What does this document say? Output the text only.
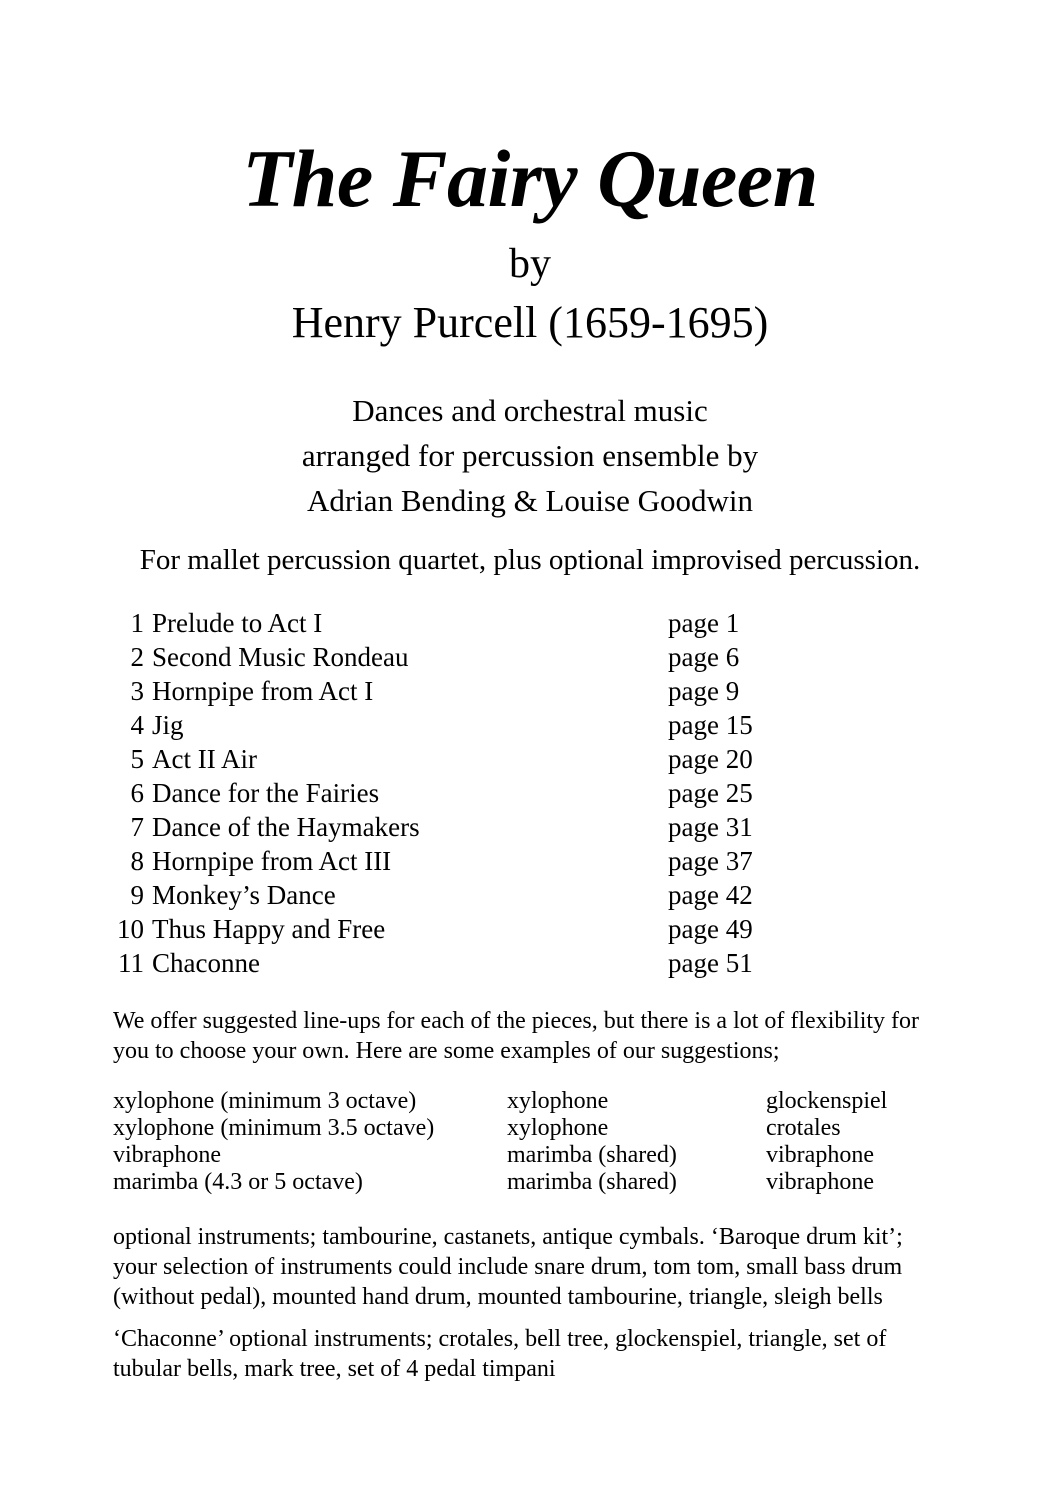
The Fairy Queen
by
Henry Purcell (1659-1695)
Dances and orchestral music
arranged for percussion ensemble by
Adrian Bending & Louise Goodwin
For mallet percussion quartet, plus optional improvised percussion.
1 Prelude to Act I	page 1
2 Second Music Rondeau	page 6
3 Hornpipe from Act I	page 9
4 Jig	page 15
5 Act II Air	page 20
6 Dance for the Fairies	page 25
7 Dance of the Haymakers	page 31
8 Hornpipe from Act III	page 37
9 Monkey’s Dance	page 42
10 Thus Happy and Free	page 49
11 Chaconne	page 51
We offer suggested line-ups for each of the pieces, but there is a lot of flexibility for you to choose your own. Here are some examples of our suggestions;
xylophone (minimum 3 octave)	xylophone	glockenspiel
xylophone (minimum 3.5 octave)	xylophone	crotales
vibraphone	marimba (shared)	vibraphone
marimba (4.3 or 5 octave)	marimba (shared)	vibraphone
optional instruments; tambourine, castanets, antique cymbals. ‘Baroque drum kit’; your selection of instruments could include snare drum, tom tom, small bass drum (without pedal), mounted hand drum, mounted tambourine, triangle, sleigh bells
‘Chaconne’ optional instruments; crotales, bell tree, glockenspiel, triangle, set of tubular bells, mark tree, set of 4 pedal timpani
